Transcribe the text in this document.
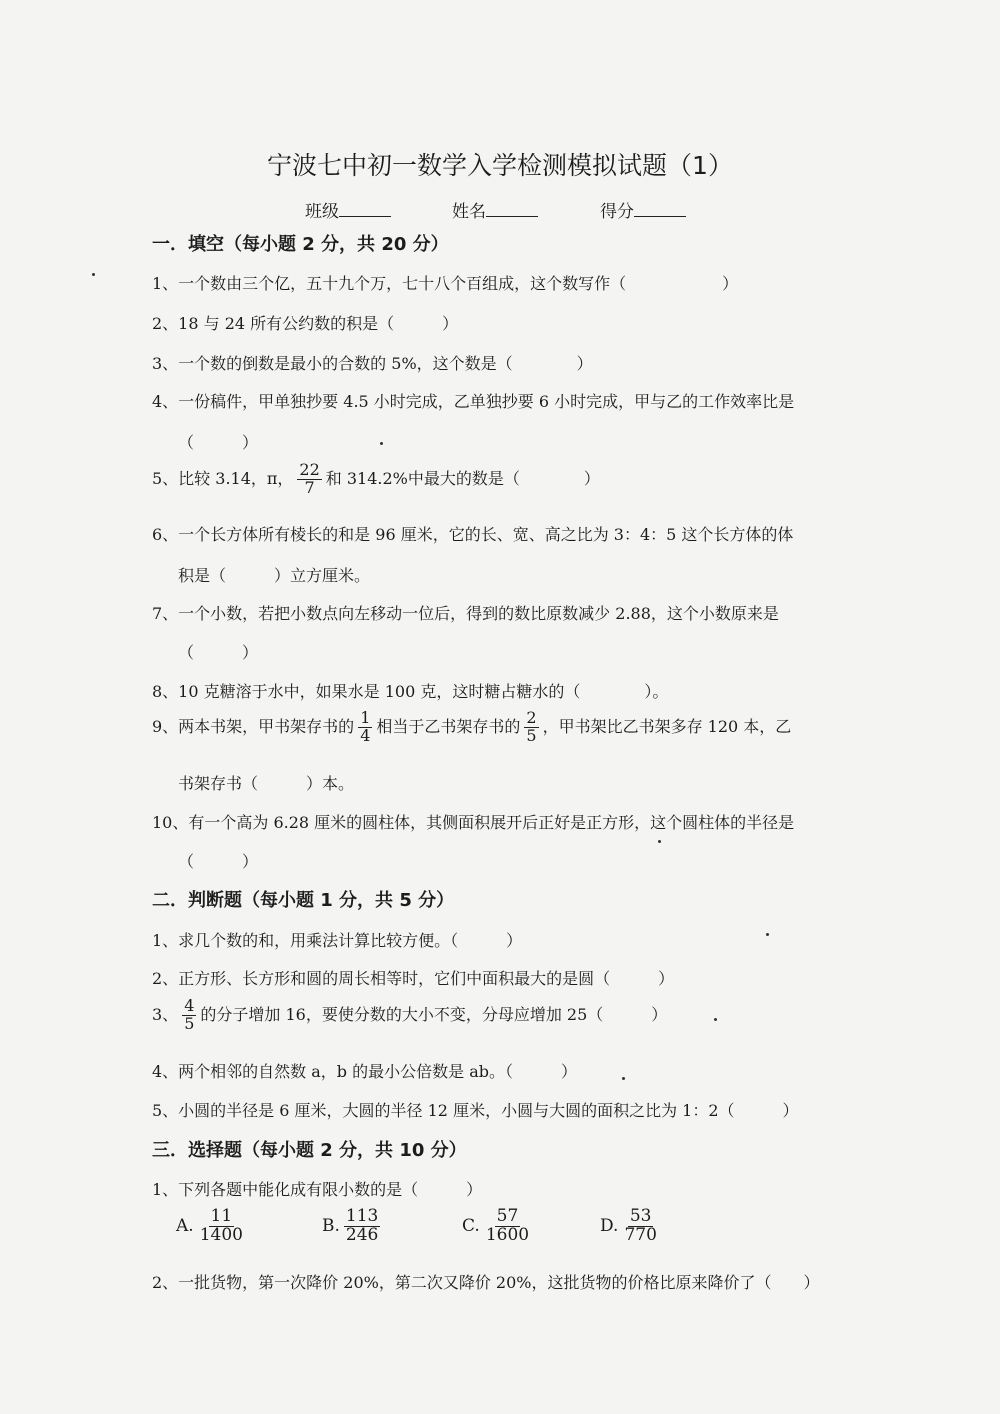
宁波七中初一数学入学检测模拟试题（1）
班级	姓名	得分
一．填空（每小题 2 分，共 20 分）
1、一个数由三个亿，五十九个万，七十八个百组成，这个数写作（　　　　　　）
2、18 与 24 所有公约数的积是（　　　）
3、一个数的倒数是最小的合数的 5%，这个数是（　　　　）
4、一份稿件，甲单独抄要 4.5 小时完成，乙单独抄要 6 小时完成，甲与乙的工作效率比是
（　　　）
5、比较 3.14，π， $\frac{22}{7}$ 和 314.2%中最大的数是（　　　　）
6、一个长方体所有棱长的和是 96 厘米，它的长、宽、高之比为 3：4：5 这个长方体的体
积是（　　　）立方厘米。
7、一个小数，若把小数点向左移动一位后，得到的数比原数减少 2.88，这个小数原来是
（　　　）
8、10 克糖溶于水中，如果水是 100 克，这时糖占糖水的（　　　　）。
9、两本书架，甲书架存书的 $\frac{1}{4}$ 相当于乙书架存书的 $\frac{2}{5}$ ，甲书架比乙书架多存 120 本，乙
书架存书（　　　）本。
10、有一个高为 6.28 厘米的圆柱体，其侧面积展开后正好是正方形，这个圆柱体的半径是
（　　　）
二．判断题（每小题 1 分，共 5 分）
1、求几个数的和，用乘法计算比较方便。（　　　）
2、正方形、长方形和圆的周长相等时，它们中面积最大的是圆（　　　）
3、 $\frac{4}{5}$ 的分子增加 16，要使分数的大小不变，分母应增加 25（　　　）
4、两个相邻的自然数 a，b 的最小公倍数是 ab。（　　　）
5、小圆的半径是 6 厘米，大圆的半径 12 厘米，小圆与大圆的面积之比为 1：2（　　　）
三．选择题（每小题 2 分，共 10 分）
1、下列各题中能化成有限小数的是（　　　）
A. $\frac{11}{1400}$	B. $\frac{113}{246}$	C. $\frac{57}{1600}$	D. $\frac{53}{770}$
2、一批货物，第一次降价 20%，第二次又降价 20%，这批货物的价格比原来降价了（　　）
